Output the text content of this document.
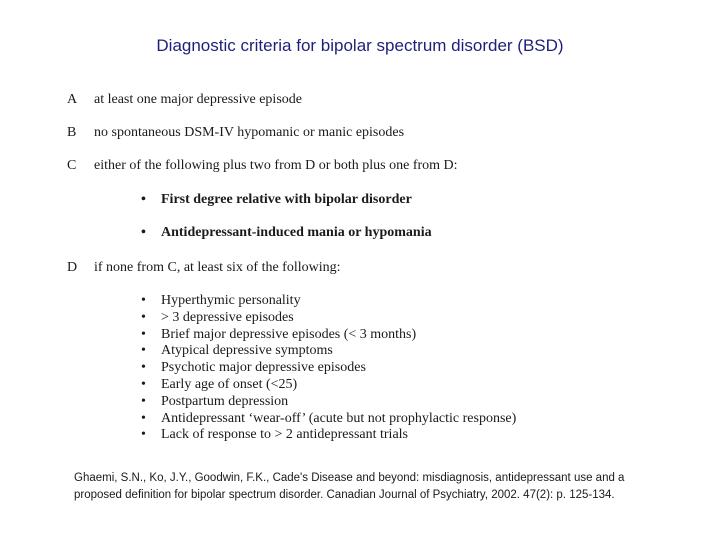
Diagnostic criteria for bipolar spectrum disorder (BSD)
A at least one major depressive episode
B no spontaneous DSM-IV hypomanic or manic episodes
C either of the following plus two from D or both plus one from D:
• First degree relative with bipolar disorder
• Antidepressant-induced mania or hypomania
D if none from C, at least six of the following:
• Hyperthymic personality
• > 3 depressive episodes
• Brief major depressive episodes (< 3 months)
• Atypical depressive symptoms
• Psychotic major depressive episodes
• Early age of onset (<25)
• Postpartum depression
• Antidepressant ‘wear-off’ (acute but not prophylactic response)
• Lack of response to > 2 antidepressant trials
Ghaemi, S.N., Ko, J.Y., Goodwin, F.K., Cade's Disease and beyond: misdiagnosis, antidepressant use and a proposed definition for bipolar spectrum disorder. Canadian Journal of Psychiatry, 2002. 47(2): p. 125-134.
